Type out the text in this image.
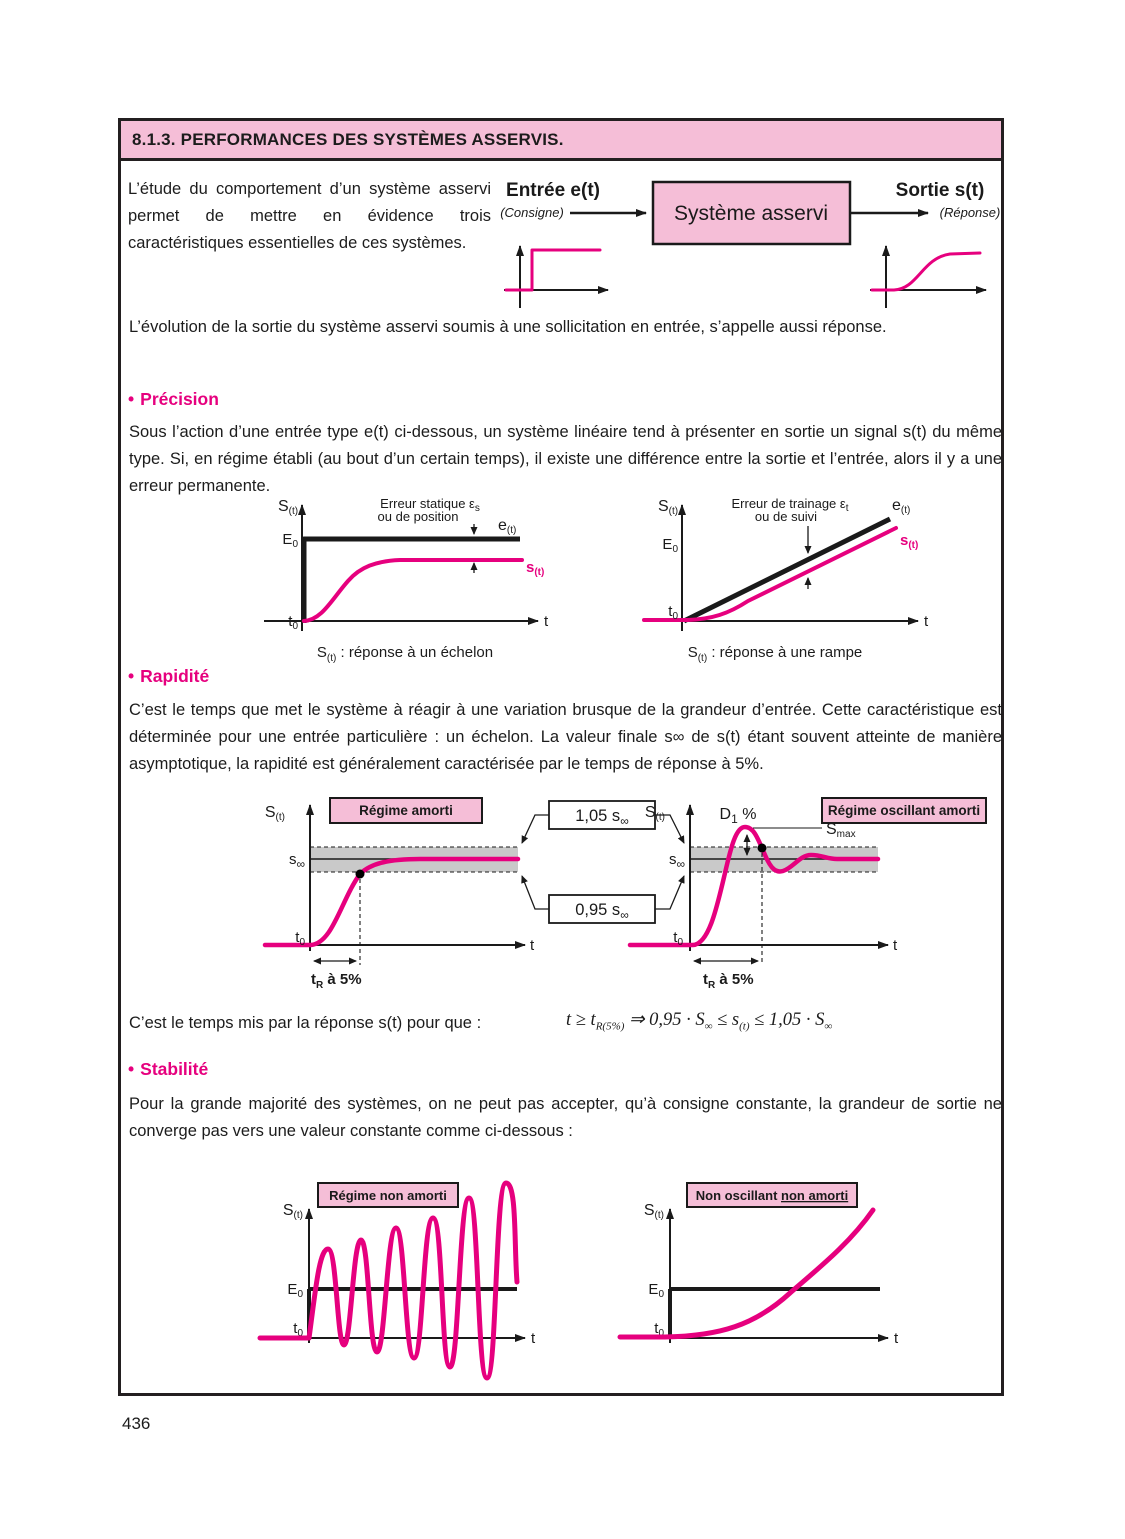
8.1.3. PERFORMANCES DES SYSTÈMES ASSERVIS.
L’étude du comportement d’un système asservi permet de mettre en évidence trois caractéristiques essentielles de ces systèmes.
Entrée e(t)
(Consigne)	Système asservi
Sortie s(t)
(Réponse)
L’évolution de la sortie du système asservi soumis à une sollicitation en entrée, s’appelle aussi réponse.
• Précision
Sous l’action d’une entrée type e(t) ci-dessous, un système linéaire tend à présenter en sortie un signal s(t) du même type. Si, en régime établi (au bout d’un certain temps), il existe une différence entre la sortie et l’entrée, alors il y a une erreur permanente.
S(t)
$E_0$
t
e(t)
$s_{(t)}$
Erreur statique $\varepsilon_s$
ou de position
$t_0$
$S_{(t)}$ : réponse à un échelon
S(t)
$E_0$
t
e(t)
$s_{(t)}$
Erreur de trainage $\varepsilon_t$
ou de suivi
$t_0$
$S_{(t)}$ : réponse à une rampe
• Rapidité
C’est le temps que met le système à réagir à une variation brusque de la grandeur d’entrée. Cette caractéristique est déterminée pour une entrée particulière : un échelon. La valeur finale s∞ de s(t) étant souvent atteinte de manière asymptotique, la rapidité est généralement caractérisée par le temps de réponse à 5%.
Régime amorti
$s_\infty$
S(t)
t
$t_0$
$t_R$ à 5%
1,05 $s_\infty$
0,95 $s_\infty$
Régime oscillant amorti
$s_\infty$
S(t)
t
$t_0$
$t_R$ à 5%
$D_1$ %
Smax
C’est le temps mis par la réponse s(t) pour que :	$t \ge t_{R(5\%)}$ ⇒ $0,95 \cdot S_\infty \le s_{(t)} \le 1,05 \cdot S_\infty$
• Stabilité
Pour la grande majorité des systèmes, on ne peut pas accepter, qu’à consigne constante, la grandeur de sortie ne converge pas vers une valeur constante comme ci-dessous :
Régime non amorti
S(t)
t
$E_0$
$t_0$
Non oscillant non amorti
S(t)
t
$E_0$
$t_0$
436
